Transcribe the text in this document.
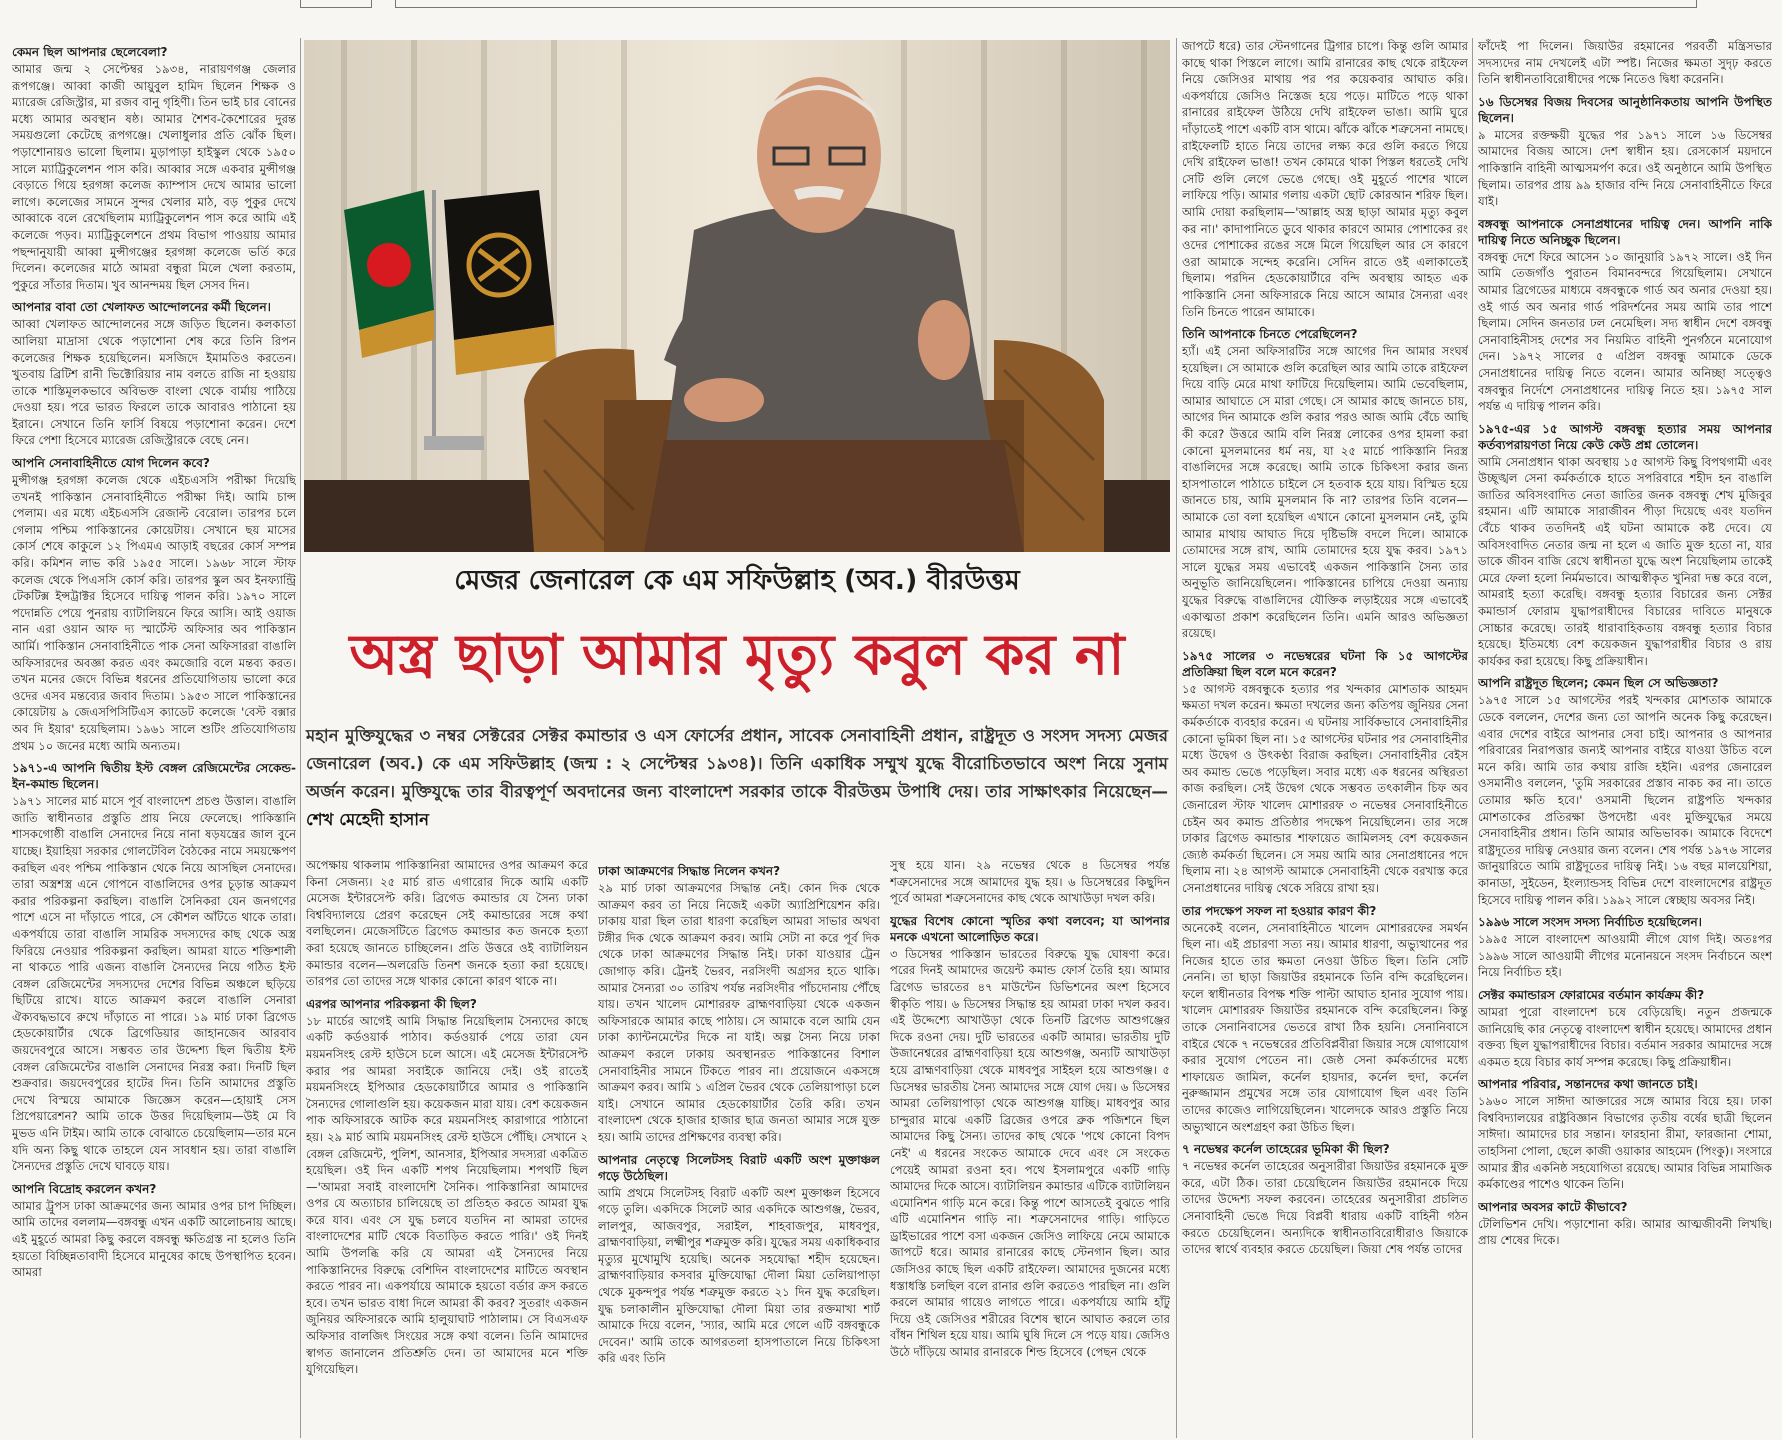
কেমন ছিল আপনার ছেলেবেলা?

আমার জন্ম ২ সেপ্টেম্বর ১৯৩৪, নারায়ণগঞ্জ জেলার রূপগঞ্জে। আব্বা কাজী আয়ুবুল হামিদ ছিলেন শিক্ষক ও ম্যারেজ রেজিস্ট্রার, মা রজব বানু গৃহিণী। তিন ভাই চার বোনের মধ্যে আমার অবস্থান ষষ্ঠ। আমার শৈশব-কৈশোরের দুরন্ত সময়গুলো কেটেছে রূপগঞ্জে। খেলাধুলার প্রতি ঝোঁক ছিল। পড়াশোনায়ও ভালো ছিলাম। মুড়াপাড়া হাইস্কুল থেকে ১৯৫০ সালে ম্যাট্রিকুলেশন পাস করি। আব্বার সঙ্গে একবার মুন্সীগঞ্জ বেড়াতে গিয়ে হরগঙ্গা কলেজ ক্যাম্পাস দেখে আমার ভালো লাগে। কলেজের সামনে সুন্দর খেলার মাঠ, বড় পুকুর দেখে আব্বাকে বলে রেখেছিলাম ম্যাট্রিকুলেশন পাস করে আমি এই কলেজে পড়ব। ম্যাট্রিকুলেশনে প্রথম বিভাগ পাওয়ায় আমার পছন্দানুযায়ী আব্বা মুন্সীগঞ্জের হরগঙ্গা কলেজে ভর্তি করে দিলেন। কলেজের মাঠে আমরা বন্ধুরা মিলে খেলা করতাম, পুকুরে সাঁতার দিতাম। খুব আনন্দময় ছিল সেসব দিন।

আপনার বাবা তো খেলাফত আন্দোলনের কর্মী ছিলেন।

আব্বা খেলাফত আন্দোলনের সঙ্গে জড়িত ছিলেন। কলকাতা আলিয়া মাদ্রাসা থেকে পড়াশোনা শেষ করে তিনি রিপন কলেজের শিক্ষক হয়েছিলেন। মসজিদে ইমামতিও করতেন। খুতবায় ব্রিটিশ রানী ভিক্টোরিয়ার নাম বলতে রাজি না হওয়ায় তাকে শাস্তিমূলকভাবে অবিভক্ত বাংলা থেকে বার্মায় পাঠিয়ে দেওয়া হয়। পরে ভারত ফিরলে তাকে আবারও পাঠানো হয় ইরানে। সেখানে তিনি ফার্সি বিষয়ে পড়াশোনা করেন। দেশে ফিরে পেশা হিসেবে ম্যারেজ রেজিস্ট্রারকে বেছে নেন।

আপনি সেনাবাহিনীতে যোগ দিলেন কবে?

মুন্সীগঞ্জ হরগঙ্গা কলেজ থেকে এইচএসসি পরীক্ষা দিয়েছি তখনই পাকিস্তান সেনাবাহিনীতে পরীক্ষা দিই। আমি চান্স পেলাম। এর মধ্যে এইচএসসি রেজাল্ট বেরোল। তারপর চলে গেলাম পশ্চিম পাকিস্তানের কোয়েটায়। সেখানে ছয় মাসের কোর্স শেষে কাকুলে ১২ পিএমএ আড়াই বছরের কোর্স সম্পন্ন করি। কমিশন লাভ করি ১৯৫৫ সালে। ১৯৬৮ সালে স্টাফ কলেজ থেকে পিএসসি কোর্স করি। তারপর স্কুল অব ইনফ্যান্ট্রি টেকটিক্স ইন্সট্রাক্টর হিসেবে দায়িত্ব পালন করি। ১৯৭০ সালে পদোন্নতি পেয়ে পুনরায় ব্যাটালিয়নে ফিরে আসি। আই ওয়াজ নান এরা ওয়ান আফ দ্য স্মার্টেস্ট অফিসার অব পাকিস্তান আর্মি। পাকিস্তান সেনাবাহিনীতে পাক সেনা অফিসাররা বাঙালি অফিসারদের অবজ্ঞা করত এবং কমজোরি বলে মন্তব্য করত। তখন মনের জেদে বিভিন্ন ধরনের প্রতিযোগিতায় ভালো করে ওদের এসব মন্তব্যের জবাব দিতাম। ১৯৫৩ সালে পাকিস্তানের কোয়েটায় ৯ জেএসপিসিটিএস ক্যাডেট কলেজে 'বেস্ট বক্সার অব দি ইয়ার' হয়েছিলাম। ১৯৬১ সালে শুটিং প্রতিযোগিতায় প্রথম ১০ জনের মধ্যে আমি অন্যতম।

১৯৭১-এ আপনি দ্বিতীয় ইস্ট বেঙ্গল রেজিমেন্টের সেকেন্ড-ইন-কমান্ড ছিলেন।

১৯৭১ সালের মার্চ মাসে পূর্ব বাংলাদেশ প্রচণ্ড উত্তাল। বাঙালি জাতি স্বাধীনতার প্রস্তুতি প্রায় নিয়ে ফেলেছে। পাকিস্তানি শাসকগোষ্ঠী বাঙালি সেনাদের নিয়ে নানা ষড়যন্ত্রের জাল বুনে যাচ্ছে। ইয়াহিয়া সরকার গোলটেবিল বৈঠকের নামে সময়ক্ষেপণ করছিল এবং পশ্চিম পাকিস্তান থেকে নিয়ে আসছিল সেনাদের। তারা অস্ত্রশস্ত্র এনে গোপনে বাঙালিদের ওপর চূড়ান্ত আক্রমণ করার পরিকল্পনা করছিল। বাঙালি সৈনিকরা যেন জনগণের পাশে এসে না দাঁড়াতে পারে, সে কৌশল আঁটতে থাকে তারা। একপর্যায়ে তারা বাঙালি সামরিক সদস্যদের কাছ থেকে অস্ত্র ফিরিয়ে নেওয়ার পরিকল্পনা করছিল। আমরা যাতে শক্তিশালী না থাকতে পারি এজন্য বাঙালি সৈন্যদের নিয়ে গঠিত ইস্ট বেঙ্গল রেজিমেন্টের সদস্যদের দেশের বিভিন্ন অঞ্চলে ছড়িয়ে ছিটিয়ে রাখে। যাতে আক্রমণ করলে বাঙালি সেনারা ঐক্যবদ্ধভাবে রুখে দাঁড়াতে না পারে। ১৯ মার্চ ঢাকা ব্রিগেড হেডকোয়ার্টার থেকে ব্রিগেডিয়ার জাহানজেব আরবাব জয়দেবপুরে আসে। সম্ভবত তার উদ্দেশ্য ছিল দ্বিতীয় ইস্ট বেঙ্গল রেজিমেন্টের বাঙালি সেনাদের নিরস্ত্র করা। দিনটি ছিল শুক্রবার। জয়দেবপুরের হাটের দিন। তিনি আমাদের প্রস্তুতি দেখে বিস্ময়ে আমাকে জিজ্ঞেস করেন—হোয়াই সেস প্রিপেয়ারেশন? আমি তাকে উত্তর দিয়েছিলাম—উই মে বি মুভড এনি টাইম। আমি তাকে বোঝাতে চেয়েছিলাম—তার মনে যদি অন্য কিছু থাকে তাহলে যেন সাবধান হয়। তারা বাঙালি সৈন্যদের প্রস্তুতি দেখে ঘাবড়ে যায়।

আপনি বিদ্রোহ করলেন কখন?

আমার ট্রুপস ঢাকা আক্রমণের জন্য আমার ওপর চাপ দিচ্ছিল। আমি তাদের বললাম—বঙ্গবন্ধু এখন একটি আলোচনায় আছে। এই মুহূর্তে আমরা কিছু করলে বঙ্গবন্ধু ক্ষতিগ্রস্ত না হলেও তিনি হয়তো বিচ্ছিন্নতাবাদী হিসেবে মানুষের কাছে উপস্থাপিত হবেন। আমরা

মেজর জেনারেল কে এম সফিউল্লাহ (অব.) বীরউত্তম
অস্ত্র ছাড়া আমার মৃত্যু কবুল কর না
মহান মুক্তিযুদ্ধের ৩ নম্বর সেক্টরের সেক্টর কমান্ডার ও এস ফোর্সের প্রধান, সাবেক সেনাবাহিনী প্রধান, রাষ্ট্রদূত ও সংসদ সদস্য মেজর জেনারেল (অব.) কে এম সফিউল্লাহ (জন্ম : ২ সেপ্টেম্বর ১৯৩৪)। তিনি একাধিক সম্মুখ যুদ্ধে বীরোচিতভাবে অংশ নিয়ে সুনাম অর্জন করেন। মুক্তিযুদ্ধে তার বীরত্বপূর্ণ অবদানের জন্য বাংলাদেশ সরকার তাকে বীরউত্তম উপাধি দেয়। তার সাক্ষাৎকার নিয়েছেন—শেখ মেহেদী হাসান

অপেক্ষায় থাকলাম পাকিস্তানিরা আমাদের ওপর আক্রমণ করে কিনা সেজন্য। ২৫ মার্চ রাত এগারোর দিকে আমি একটি মেসেজ ইন্টারসেপ্ট করি। ব্রিগেড কমান্ডার যে সৈন্য ঢাকা বিশ্ববিদ্যালয়ে প্রেরণ করেছেন সেই কমান্ডারের সঙ্গে কথা বলছিলেন। মেজেসটিতে ব্রিগেড কমান্ডার কত জনকে হত্যা করা হয়েছে জানতে চাচ্ছিলেন। প্রতি উত্তরে ওই ব্যাটালিয়ন কমান্ডার বলেন—অলরেডি তিনশ জনকে হত্যা করা হয়েছে। তারপর তো তাদের সঙ্গে থাকার কোনো কারণ থাকে না।

এরপর আপনার পরিকল্পনা কী ছিল?

১৮ মার্চের আগেই আমি সিদ্ধান্ত নিয়েছিলাম সৈন্যদের কাছে একটি কর্ডওয়ার্ক পাঠাব। কর্ডওয়ার্ক পেয়ে তারা যেন ময়মনসিংহ রেস্ট হাউসে চলে আসে। এই মেসেজ ইন্টারসেপ্ট করার পর আমরা সবাইকে জানিয়ে দেই। ওই রাতেই ময়মনসিংহে ইপিআর হেডকোয়ার্টারে আমার ও পাকিস্তানি সৈন্যদের গোলাগুলি হয়। কয়েকজন মারা যায়। বেশ কয়েকজন পাক অফিসারকে আটক করে ময়মনসিংহ কারাগারে পাঠানো হয়। ২৯ মার্চ আমি ময়মনসিংহ রেস্ট হাউসে পৌঁছি। সেখানে ২ বেঙ্গল রেজিমেন্ট, পুলিশ, আনসার, ইপিআর সদস্যরা একত্রিত হয়েছিল। ওই দিন একটি শপথ নিয়েছিলাম। শপথটি ছিল—'আমরা সবাই বাংলাদেশি সৈনিক। পাকিস্তানিরা আমাদের ওপর যে অত্যাচার চালিয়েছে তা প্রতিহত করতে আমরা যুদ্ধ করে যাব। এবং সে যুদ্ধ চলবে যতদিন না আমরা তাদের বাংলাদেশের মাটি থেকে বিতাড়িত করতে পারি।' ওই দিনই আমি উপলব্ধি করি যে আমরা এই সৈন্যদের নিয়ে পাকিস্তানিদের বিরুদ্ধে বেশিদিন বাংলাদেশের মাটিতে অবস্থান করতে পারব না। একপর্যায়ে আমাকে হয়তো বর্ডার ক্রস করতে হবে। তখন ভারত বাধা দিলে আমরা কী করব? সুতরাং একজন জুনিয়র অফিসারকে আমি হালুয়াঘাট পাঠালাম। সে বিএসএফ অফিসার বালজিৎ সিংয়ের সঙ্গে কথা বলেন। তিনি আমাদের স্বাগত জানালেন প্রতিশ্রুতি দেন। তা আমাদের মনে শক্তি যুগিয়েছিল।

ঢাকা আক্রমণের সিদ্ধান্ত নিলেন কখন?

২৯ মার্চ ঢাকা আক্রমণের সিদ্ধান্ত নেই। কোন দিক থেকে আক্রমণ করব তা নিয়ে নিজেই একটা অ্যাপ্রিশিয়েশন করি। ঢাকায় যারা ছিল তারা ধারণা করেছিল আমরা সাভার অথবা টঙ্গীর দিক থেকে আক্রমণ করব। আমি সেটা না করে পূর্ব দিক থেকে ঢাকা আক্রমণের সিদ্ধান্ত নিই। ঢাকা যাওয়ার ট্রেন জোগাড় করি। ট্রেনই ভৈরব, নরসিংদী অগ্রসর হতে থাকি। আমার সৈন্যরা ৩০ তারিখ পর্যন্ত নরসিংদীর পাঁচদোনায় পৌঁছে যায়। তখন খালেদ মোশাররফ ব্রাহ্মণবাড়িয়া থেকে একজন অফিসারকে আমার কাছে পাঠায়। সে আমাকে বলে আমি যেন ঢাকা ক্যান্টনমেন্টের দিকে না যাই। অল্প সৈন্য নিয়ে ঢাকা আক্রমণ করলে ঢাকায় অবস্থানরত পাকিস্তানের বিশাল সেনাবাহিনীর সামনে টিকতে পারব না। প্রয়োজনে একসঙ্গে আক্রমণ করব। আমি ১ এপ্রিল ভৈরব থেকে তেলিয়াপাড়া চলে যাই। সেখানে আমার হেডকোয়ার্টার তৈরি করি। তখন বাংলাদেশ থেকে হাজার হাজার ছাত্র জনতা আমার সঙ্গে যুক্ত হয়। আমি তাদের প্রশিক্ষণের ব্যবস্থা করি।

আপনার নেতৃত্বে সিলেটসহ বিরাট একটি অংশ মুক্তাঞ্চল গড়ে উঠেছিল।

আমি প্রথমে সিলেটসহ বিরাট একটি অংশ মুক্তাঞ্চল হিসেবে গড়ে তুলি। একদিকে সিলেট আর একদিকে আশুগঞ্জ, ভৈরব, লালপুর, আজবপুর, সরাইল, শাহবাজপুর, মাধবপুর, ব্রাহ্মণবাড়িয়া, লক্ষ্মীপুর শত্রুমুক্ত করি। যুদ্ধের সময় একাধিকবার মৃত্যুর মুখোমুখি হয়েছি। অনেক সহযোদ্ধা শহীদ হয়েছেন। ব্রাহ্মণবাড়িয়ার কসবার মুক্তিযোদ্ধা দৌলা মিয়া তেলিয়াপাড়া থেকে মুকন্দপুর পর্যন্ত শত্রুমুক্ত করতে ২১ দিন যুদ্ধ করেছিল। যুদ্ধ চলাকালীন মুক্তিযোদ্ধা দৌলা মিয়া তার রক্তমাখা শার্ট আমাকে দিয়ে বলেন, 'স্যার, আমি মরে গেলে এটি বঙ্গবন্ধুকে দেবেন।' আমি তাকে আগরতলা হাসপাতালে নিয়ে চিকিৎসা করি এবং তিনি

সুস্থ হয়ে যান। ২৯ নভেম্বর থেকে ৪ ডিসেম্বর পর্যন্ত শত্রুসেনাদের সঙ্গে আমাদের যুদ্ধ হয়। ৬ ডিসেম্বরের কিছুদিন পূর্বে আমরা শত্রুসেনাদের কাছ থেকে আখাউড়া দখল করি।

যুদ্ধের বিশেষ কোনো স্মৃতির কথা বলবেন; যা আপনার মনকে এখনো আলোড়িত করে।

৩ ডিসেম্বর পাকিস্তান ভারতের বিরুদ্ধে যুদ্ধ ঘোষণা করে। পরের দিনই আমাদের জয়েন্ট কমান্ড ফোর্স তৈরি হয়। আমার ব্রিগেড ভারতের ৪৭ মাউন্টেন ডিভিশনের অংশ হিসেবে স্বীকৃতি পায়। ৬ ডিসেম্বর সিদ্ধান্ত হয় আমরা ঢাকা দখল করব। এই উদ্দেশ্যে আখাউড়া থেকে তিনটি ব্রিগেড আশুগঞ্জের দিকে রওনা দেয়। দুটি ভারতের একটি আমার। ভারতীয় দুটি উজানেশ্বরের ব্রাহ্মণবাড়িয়া হয়ে আশুগঞ্জ, অন্যটি আখাউড়া হয়ে ব্রাহ্মণবাড়িয়া থেকে মাধবপুর সাইহল হয়ে আশুগঞ্জ। ৫ ডিসেম্বর ভারতীয় সৈন্য আমাদের সঙ্গে যোগ দেয়। ৬ ডিসেম্বর আমরা তেলিয়াপাড়া থেকে আশুগঞ্জ যাচ্ছি। মাধবপুর আর চান্দুরার মাঝে একটি ব্রিজের ওপরে ব্রুক পজিশনে ছিল আমাদের কিছু সৈন্য। তাদের কাছ থেকে 'পথে কোনো বিপদ নেই' এ ধরনের সংকেত আমাকে দেবে এবং সে সংকেত পেয়েই আমরা রওনা হব। পথে ইসলামপুরে একটি গাড়ি আমাদের দিকে আসে। ব্যাটালিয়ন কমান্ডার এটিকে ব্যাটালিয়ন এমোনিশন গাড়ি মনে করে। কিন্তু পাশে আসতেই বুঝতে পারি এটি এমোনিশন গাড়ি না। শত্রুসেনাদের গাড়ি। গাড়িতে ড্রাইভারের পাশে বসা একজন জেসিও লাফিয়ে নেমে আমাকে জাপটে ধরে। আমার রানারের কাছে স্টেনগান ছিল। আর জেসিওর কাছে ছিল একটি রাইফেল। আমাদের দুজনের মধ্যে ধস্তাধস্তি চলছিল বলে রানার গুলি করতেও পারছিল না। গুলি করলে আমার গায়েও লাগতে পারে। একপর্যায়ে আমি হাঁটু দিয়ে ওই জেসিওর শরীরের বিশেষ স্থানে আঘাত করলে তার বাঁধন শিথিল হয়ে যায়। আমি ঘুষি দিলে সে পড়ে যায়। জেসিও উঠে দাঁড়িয়ে আমার রানারকে শিল্ড হিসেবে (পেছন থেকে

জাপটে ধরে) তার স্টেনগানের ট্রিগার চাপে। কিন্তু গুলি আমার কাছে থাকা পিস্তলে লাগে। আমি রানারের কাছ থেকে রাইফেল নিয়ে জেসিওর মাথায় পর পর কয়েকবার আঘাত করি। একপর্যায়ে জেসিও নিস্তেজ হয়ে পড়ে। মাটিতে পড়ে থাকা রানারের রাইফেল উঠিয়ে দেখি রাইফেল ভাঙা। আমি ঘুরে দাঁড়াতেই পাশে একটি বাস থামে। ঝাঁকে ঝাঁকে শত্রুসেনা নামছে। রাইফেলটি হাতে নিয়ে তাদের লক্ষ্য করে গুলি করতে গিয়ে দেখি রাইফেল ভাঙা! তখন কোমরে থাকা পিস্তল ধরতেই দেখি সেটি গুলি লেগে ভেঙে গেছে। ওই মুহূর্তে পাশের খালে লাফিয়ে পড়ি। আমার গলায় একটা ছোট কোরআন শরিফ ছিল। আমি দোয়া করছিলাম—'আল্লাহ অস্ত্র ছাড়া আমার মৃত্যু কবুল কর না।' কাদাপানিতে ডুবে থাকার কারণে আমার পোশাকের রং ওদের পোশাকের রঙের সঙ্গে মিলে গিয়েছিল আর সে কারণে ওরা আমাকে সন্দেহ করেনি। সেদিন রাতে ওই এলাকাতেই ছিলাম। পরদিন হেডকোয়ার্টারে বন্দি অবস্থায় আহত এক পাকিস্তানি সেনা অফিসারকে নিয়ে আসে আমার সৈন্যরা এবং তিনি চিনতে পারেন আমাকে।

তিনি আপনাকে চিনতে পেরেছিলেন?

হ্যাঁ। এই সেনা অফিসারটির সঙ্গে আগের দিন আমার সংঘর্ষ হয়েছিল। সে আমাকে গুলি করেছিল আর আমি তাকে রাইফেল দিয়ে বাড়ি মেরে মাথা ফাটিয়ে দিয়েছিলাম। আমি ভেবেছিলাম, আমার আঘাতে সে মারা গেছে। সে আমার কাছে জানতে চায়, আগের দিন আমাকে গুলি করার পরও আজ আমি বেঁচে আছি কী করে? উত্তরে আমি বলি নিরস্ত্র লোকের ওপর হামলা করা কোনো মুসলমানের ধর্ম নয়, যা ২৫ মার্চে পাকিস্তানি নিরস্ত্র বাঙালিদের সঙ্গে করেছে। আমি তাকে চিকিৎসা করার জন্য হাসপাতালে পাঠাতে চাইলে সে হতবাক হয়ে যায়। বিস্মিত হয়ে জানতে চায়, আমি মুসলমান কি না? তারপর তিনি বলেন—আমাকে তো বলা হয়েছিল এখানে কোনো মুসলমান নেই, তুমি আমার মাথায় আঘাত দিয়ে দৃষ্টিভঙ্গি বদলে দিলে। আমাকে তোমাদের সঙ্গে রাখ, আমি তোমাদের হয়ে যুদ্ধ করব। ১৯৭১ সালে যুদ্ধের সময় এভাবেই একজন পাকিস্তানি সৈন্য তার অনুভূতি জানিয়েছিলেন। পাকিস্তানের চাপিয়ে দেওয়া অন্যায় যুদ্ধের বিরুদ্ধে বাঙালিদের যৌক্তিক লড়াইয়ের সঙ্গে এভাবেই একাত্মতা প্রকাশ করেছিলেন তিনি। এমনি আরও অভিজ্ঞতা রয়েছে।

১৯৭৫ সালের ৩ নভেম্বরের ঘটনা কি ১৫ আগস্টের প্রতিক্রিয়া ছিল বলে মনে করেন?

১৫ আগস্ট বঙ্গবন্ধুকে হত্যার পর খন্দকার মোশতাক আহমদ ক্ষমতা দখল করেন। ক্ষমতা দখলের জন্য কতিপয় জুনিয়র সেনা কর্মকর্তাকে ব্যবহার করেন। এ ঘটনায় সার্বিকভাবে সেনাবাহিনীর কোনো ভূমিকা ছিল না। ১৫ আগস্টের ঘটনার পর সেনাবাহিনীর মধ্যে উদ্বেগ ও উৎকণ্ঠা বিরাজ করছিল। সেনাবাহিনীর বেইস অব কমান্ড ভেঙে পড়েছিল। সবার মধ্যে এক ধরনের অস্থিরতা কাজ করছিল। সেই উদ্বেগ থেকে সম্ভবত তৎকালীন চিফ অব জেনারেল স্টাফ খালেদ মোশাররফ ৩ নভেম্বর সেনাবাহিনীতে চেইন অব কমান্ড প্রতিষ্ঠার পদক্ষেপ নিয়েছিলেন। তার সঙ্গে ঢাকার ব্রিগেড কমান্ডার শাফায়েত জামিলসহ বেশ কয়েকজন জ্যেষ্ঠ কর্মকর্তা ছিলেন। সে সময় আমি আর সেনাপ্রধানের পদে ছিলাম না। ২৪ আগস্ট আমাকে সেনাবাহিনী থেকে বরখাস্ত করে সেনাপ্রধানের দায়িত্ব থেকে সরিয়ে রাখা হয়।

তার পদক্ষেপ সফল না হওয়ার কারণ কী?

অনেকেই বলেন, সেনাবাহিনীতে খালেদ মোশাররফের সমর্থন ছিল না। এই প্রচারণা সত্য নয়। আমার ধারণা, অভ্যুত্থানের পর নিজের হাতে তার ক্ষমতা নেওয়া উচিত ছিল। তিনি সেটি নেননি। তা ছাড়া জিয়াউর রহমানকে তিনি বন্দি করেছিলেন। ফলে স্বাধীনতার বিপক্ষ শক্তি পাল্টা আঘাত হানার সুযোগ পায়। খালেদ মোশাররফ জিয়াউর রহমানকে বন্দি করেছিলেন। কিন্তু তাকে সেনানিবাসের ভেতরে রাখা ঠিক হয়নি। সেনানিবাসে বাইরে থেকে ৭ নভেম্বরের প্রতিবিপ্লবীরা জিয়ার সঙ্গে যোগাযোগ করার সুযোগ পেতেন না। জেষ্ঠ সেনা কর্মকর্তাদের মধ্যে শাফায়েত জামিল, কর্নেল হায়দার, কর্নেল হুদা, কর্নেল নুরুজ্জামান প্রমুখের সঙ্গে তার যোগাযোগ ছিল এবং তিনি তাদের কাজেও লাগিয়েছিলেন। খালেদকে আরও প্রস্তুতি নিয়ে অভ্যুত্থানে অংশগ্রহণ করা উচিত ছিল।

৭ নভেম্বর কর্নেল তাহেরের ভূমিকা কী ছিল?

৭ নভেম্বর কর্নেল তাহেরের অনুসারীরা জিয়াউর রহমানকে মুক্ত করে, এটা ঠিক। তারা চেয়েছিলেন জিয়াউর রহমানকে দিয়ে তাদের উদ্দেশ্য সফল করবেন। তাহেরের অনুসারীরা প্রচলিত সেনাবাহিনী ভেঙে দিয়ে বিপ্লবী ধারায় একটি বাহিনী গঠন করতে চেয়েছিলেন। অন্যদিকে স্বাধীনতাবিরোধীরাও জিয়াকে তাদের স্বার্থে ব্যবহার করতে চেয়েছিল। জিয়া শেষ পর্যন্ত তাদের

ফাঁদেই পা দিলেন। জিয়াউর রহমানের পরবর্তী মন্ত্রিসভার সদস্যদের নাম দেখলেই এটা স্পষ্ট। নিজের ক্ষমতা সুদৃঢ় করতে তিনি স্বাধীনতাবিরোধীদের পক্ষে নিতেও দ্বিধা করেননি।

১৬ ডিসেম্বর বিজয় দিবসের আনুষ্ঠানিকতায় আপনি উপস্থিত ছিলেন।

৯ মাসের রক্তক্ষয়ী যুদ্ধের পর ১৯৭১ সালে ১৬ ডিসেম্বর আমাদের বিজয় আসে। দেশ স্বাধীন হয়। রেসকোর্স ময়দানে পাকিস্তানি বাহিনী আত্মসমর্পণ করে। ওই অনুষ্ঠানে আমি উপস্থিত ছিলাম। তারপর প্রায় ৯৯ হাজার বন্দি নিয়ে সেনাবাহিনীতে ফিরে যাই।

বঙ্গবন্ধু আপনাকে সেনাপ্রধানের দায়িত্ব দেন। আপনি নাকি দায়িত্ব নিতে অনিচ্ছুক ছিলেন।

বঙ্গবন্ধু দেশে ফিরে আসেন ১০ জানুয়ারি ১৯৭২ সালে। ওই দিন আমি তেজগাঁও পুরাতন বিমানবন্দরে গিয়েছিলাম। সেখানে আমার ব্রিগেডের মাধ্যমে বঙ্গবন্ধুকে গার্ড অব অনার দেওয়া হয়। ওই গার্ড অব অনার গার্ড পরিদর্শনের সময় আমি তার পাশে ছিলাম। সেদিন জনতার ঢল নেমেছিল। সদ্য স্বাধীন দেশে বঙ্গবন্ধু সেনাবাহিনীসহ দেশের সব নিয়মিত বাহিনী পুনর্গঠনে মনোযোগ দেন। ১৯৭২ সালের ৫ এপ্রিল বঙ্গবন্ধু আমাকে ডেকে সেনাপ্রধানের দায়িত্ব নিতে বলেন। আমার অনিচ্ছা সত্ত্বেও বঙ্গবন্ধুর নির্দেশে সেনাপ্রধানের দায়িত্ব নিতে হয়। ১৯৭৫ সাল পর্যন্ত এ দায়িত্ব পালন করি।

১৯৭৫-এর ১৫ আগস্ট বঙ্গবন্ধু হত্যার সময় আপনার কর্তব্যপরায়ণতা নিয়ে কেউ কেউ প্রশ্ন তোলেন।

আমি সেনাপ্রধান থাকা অবস্থায় ১৫ আগস্ট কিছু বিপথগামী এবং উচ্ছৃঙ্খল সেনা কর্মকর্তাকে হাতে সপরিবারে শহীদ হন বাঙালি জাতির অবিসংবাদিত নেতা জাতির জনক বঙ্গবন্ধু শেখ মুজিবুর রহমান। এটি আমাকে সারাজীবন পীড়া দিয়েছে এবং যতদিন বেঁচে থাকব ততদিনই এই ঘটনা আমাকে কষ্ট দেবে। যে অবিসংবাদিত নেতার জন্ম না হলে এ জাতি মুক্ত হতো না, যার ডাকে জীবন বাজি রেখে স্বাধীনতা যুদ্ধে অংশ নিয়েছিলাম তাকেই মেরে ফেলা হলো নির্মমভাবে। আত্মস্বীকৃত খুনিরা দম্ভ করে বলে, আমরাই হত্যা করেছি। বঙ্গবন্ধু হত্যার বিচারের জন্য সেক্টর কমান্ডার্স ফোরাম যুদ্ধাপরাধীদের বিচারের দাবিতে মানুষকে সোচ্চার করেছে। তারই ধারাবাহিকতায় বঙ্গবন্ধু হত্যার বিচার হয়েছে। ইতিমধ্যে বেশ কয়েকজন যুদ্ধাপরাধীর বিচার ও রায় কার্যকর করা হয়েছে। কিছু প্রক্রিয়াধীন।

আপনি রাষ্ট্রদূত ছিলেন; কেমন ছিল সে অভিজ্ঞতা?

১৯৭৫ সালে ১৫ আগস্টের পরই খন্দকার মোশতাক আমাকে ডেকে বললেন, দেশের জন্য তো আপনি অনেক কিছু করেছেন। এবার দেশের বাইরে আপনার সেবা চাই। আপনার ও আপনার পরিবারের নিরাপত্তার জন্যই আপনার বাইরে যাওয়া উচিত বলে মনে করি। আমি তার কথায় রাজি হইনি। এরপর জেনারেল ওসমানীও বললেন, 'তুমি সরকারের প্রস্তাব নাকচ কর না। তাতে তোমার ক্ষতি হবে।' ওসমানী ছিলেন রাষ্ট্রপতি খন্দকার মোশতাকের প্রতিরক্ষা উপদেষ্টা এবং মুক্তিযুদ্ধের সময়ে সেনাবাহিনীর প্রধান। তিনি আমার অভিভাবক। আমাকে বিদেশে রাষ্ট্রদূতের দায়িত্ব নেওয়ার জন্য বলেন। শেষ পর্যন্ত ১৯৭৬ সালের জানুয়ারিতে আমি রাষ্ট্রদূতের দায়িত্ব নিই। ১৬ বছর মালয়েশিয়া, কানাডা, সুইডেন, ইংল্যান্ডসহ বিভিন্ন দেশে বাংলাদেশের রাষ্ট্রদূত হিসেবে দায়িত্ব পালন করি। ১৯৯২ সালে স্বেচ্ছায় অবসর নিই।

১৯৯৬ সালে সংসদ সদস্য নির্বাচিত হয়েছিলেন।

১৯৯৫ সালে বাংলাদেশ আওয়ামী লীগে যোগ দিই। অতঃপর ১৯৯৬ সালে আওয়ামী লীগের মনোনয়নে সংসদ নির্বাচনে অংশ নিয়ে নির্বাচিত হই।

সেক্টর কমান্ডারস ফোরামের বর্তমান কার্যক্রম কী?

আমরা পুরো বাংলাদেশ চষে বেড়িয়েছি। নতুন প্রজন্মকে জানিয়েছি কার নেতৃত্বে বাংলাদেশ স্বাধীন হয়েছে। আমাদের প্রধান বক্তব্য ছিল যুদ্ধাপরাধীদের বিচার। বর্তমান সরকার আমাদের সঙ্গে একমত হয়ে বিচার কার্য সম্পন্ন করেছে। কিছু প্রক্রিয়াধীন।

আপনার পরিবার, সন্তানদের কথা জানতে চাই।

১৯৬০ সালে সাঈদা আক্তারের সঙ্গে আমার বিয়ে হয়। ঢাকা বিশ্ববিদ্যালয়ের রাষ্ট্রবিজ্ঞান বিভাগের তৃতীয় বর্ষের ছাত্রী ছিলেন সাঈদা। আমাদের চার সন্তান। ফারহানা রীমা, ফারজানা শোমা, তাহসিনা পোলা, ছেলে কাজী ওয়াকার আহমেদ (পিংকু)। সংসারে আমার স্ত্রীর একনিষ্ঠ সহযোগিতা রয়েছে। আমার বিভিন্ন সামাজিক কর্মকাণ্ডের পাশেও থাকেন তিনি।

আপনার অবসর কাটে কীভাবে?

টেলিভিশন দেখি। পড়াশোনা করি। আমার আত্মজীবনী লিখছি। প্রায় শেষের দিকে।
